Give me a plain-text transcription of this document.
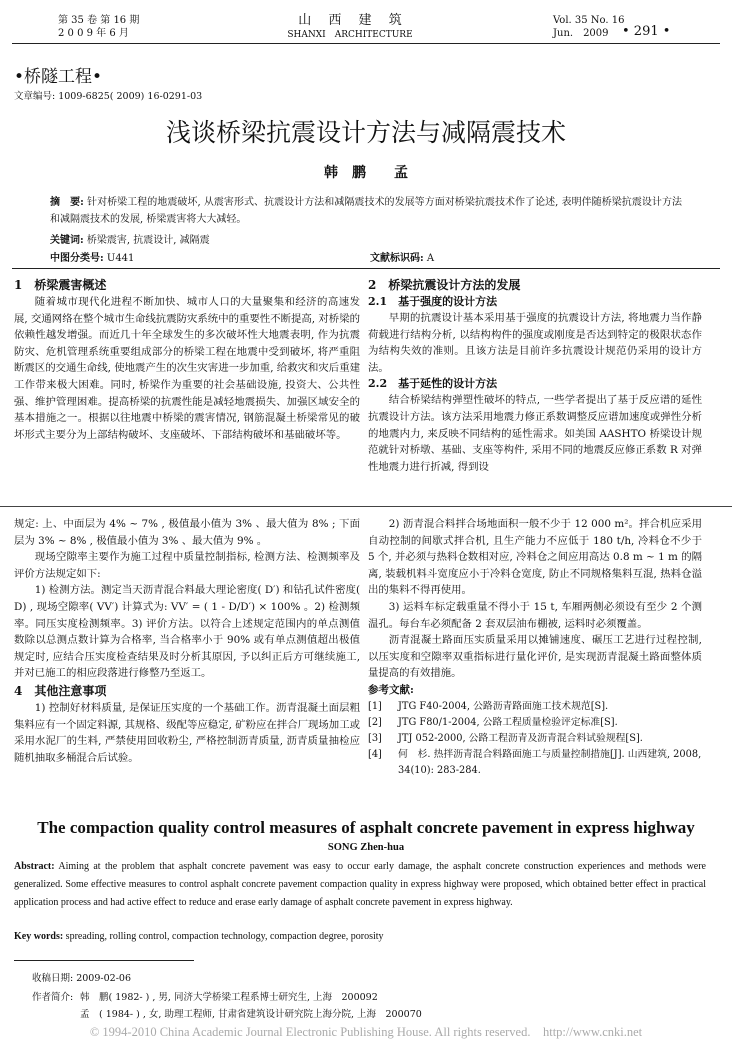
第 35 卷 第 16 期
2 0 0 9 年 6 月
山　 西　 建　 筑
SHANXI　ARCHITECTURE
Vol. 35 No. 16
Jun.　2009 • 291 •
•桥隧工程•
文章编号: 1009-6825( 2009) 16-0291-03
浅谈桥梁抗震设计方法与减隔震技术
韩　鹏　　孟
摘　要: 针对桥梁工程的地震破坏, 从震害形式、抗震设计方法和减隔震技术的发展等方面对桥梁抗震技术作了论述, 表明伴随桥梁抗震设计方法和减隔震技术的发展, 桥梁震害将大大减轻。
关键词: 桥梁震害, 抗震设计, 减隔震
中图分类号: U441	文献标识码: A
1　桥梁震害概述
随着城市现代化进程不断加快、城市人口的大量聚集和经济的高速发展, 交通网络在整个城市生命线抗震防灾系统中的重要性不断提高, 对桥梁的依赖性越发增强。而近几十年全球发生的多次破坏性大地震表明, 作为抗震防灾、危机管理系统重要组成部分的桥梁工程在地震中受到破坏, 将严重阻断震区的交通生命线, 使地震产生的次生灾害进一步加重, 给救灾和灾后重建工作带来极大困难。同时, 桥梁作为重要的社会基础设施, 投资大、公共性强、维护管理困难。提高桥梁的抗震性能是减轻地震损失、加强区域安全的基本措施之一。根据以往地震中桥梁的震害情况, 钢筋混凝土桥梁常见的破坏形式主要分为上部结构破坏、支座破坏、下部结构破坏和基础破坏等。
2　桥梁抗震设计方法的发展
2.1　基于强度的设计方法
早期的抗震设计基本采用基于强度的抗震设计方法, 将地震力当作静荷载进行结构分析, 以结构构件的强度或刚度是否达到特定的极限状态作为结构失效的准则。且该方法是目前许多抗震设计规范仍采用的设计方法。
2.2　基于延性的设计方法
结合桥梁结构弹塑性破坏的特点, 一些学者提出了基于反应谱的延性抗震设计方法。该方法采用地震力修正系数调整反应谱加速度或弹性分析的地震内力, 来反映不同结构的延性需求。如美国 AASHTO 桥梁设计规范就针对桥墩、基础、支座等构件, 采用不同的地震反应修正系数 R 对弹性地震力进行折减, 得到设
规定: 上、中面层为 4% ~ 7% , 极值最小值为 3% 、最大值为 8% ; 下面层为 3% ~ 8% , 极值最小值为 3% 、最大值为 9% 。
现场空隙率主要作为施工过程中质量控制指标, 检测方法、检测频率及评价方法规定如下:
1) 检测方法。测定当天沥青混合料最大理论密度( D′) 和钻孔试件密度( D) , 现场空隙率( VV′) 计算式为: VV′ = ( 1 - D/D′) × 100% 。2) 检测频率。同压实度检测频率。3) 评价方法。以符合上述规定范围内的单点测值数除以总测点数计算为合格率, 当合格率小于 90% 或有单点测值超出极值规定时, 应结合压实度检查结果及时分析其原因, 予以纠正后方可继续施工, 并对已施工的相应段落进行修整乃至返工。
4　其他注意事项
1) 控制好材料质量, 是保证压实度的一个基础工作。沥青混凝土面层粗集料应有一个固定料源, 其规格、级配等应稳定, 矿粉应在拌合厂现场加工或采用水泥厂的生料, 严禁使用回收粉尘, 严格控制沥青质量, 沥青质量抽检应随机抽取多桶混合后试验。
2) 沥青混合料拌合场地面积一般不少于 12 000 m²。拌合机应采用自动控制的间歇式拌合机, 且生产能力不应低于 180 t/h, 冷料仓不少于 5 个, 并必须与热料仓数相对应, 冷料仓之间应用高达 0.8 m ~ 1 m 的隔离, 装载机料斗宽度应小于冷料仓宽度, 防止不同规格集料互混, 热料仓溢出的集料不得再使用。
3) 运料车标定载重量不得小于 15 t, 车厢两侧必须设有至少 2 个测温孔。每台车必须配备 2 套双层油布棚被, 运料时必须覆盖。
沥青混凝土路面压实质量采用以摊铺速度、碾压工艺进行过程控制, 以压实度和空隙率双重指标进行量化评价, 是实现沥青混凝土路面整体质量提高的有效措施。
参考文献:
[1] JTG F40-2004, 公路沥青路面施工技术规范[S].
[2] JTG F80/1-2004, 公路工程质量检验评定标准[S].
[3] JTJ 052-2000, 公路工程沥青及沥青混合料试验规程[S].
[4] 何　杉. 热拌沥青混合料路面施工与质量控制措施[J]. 山西建筑, 2008, 34(10): 283-284.
The compaction quality control measures of asphalt concrete pavement in express highway
SONG Zhen-hua
Abstract: Aiming at the problem that asphalt concrete pavement was easy to occur early damage, the asphalt concrete construction experiences and methods were generalized. Some effective measures to control asphalt concrete pavement compaction quality in express highway were proposed, which obtained better effect in practical application process and had active effect to reduce and erase early damage of asphalt concrete pavement in express highway.
Key words: spreading, rolling control, compaction technology, compaction degree, porosity
收稿日期: 2009-02-06
作者简介: 韩　鹏( 1982- ) , 男, 同济大学桥梁工程系博士研究生, 上海　200092
孟　( 1984- ) , 女, 助理工程师, 甘肃省建筑设计研究院上海分院, 上海　200070
© 1994-2010 China Academic Journal Electronic Publishing House. All rights reserved.　http://www.cnki.net
